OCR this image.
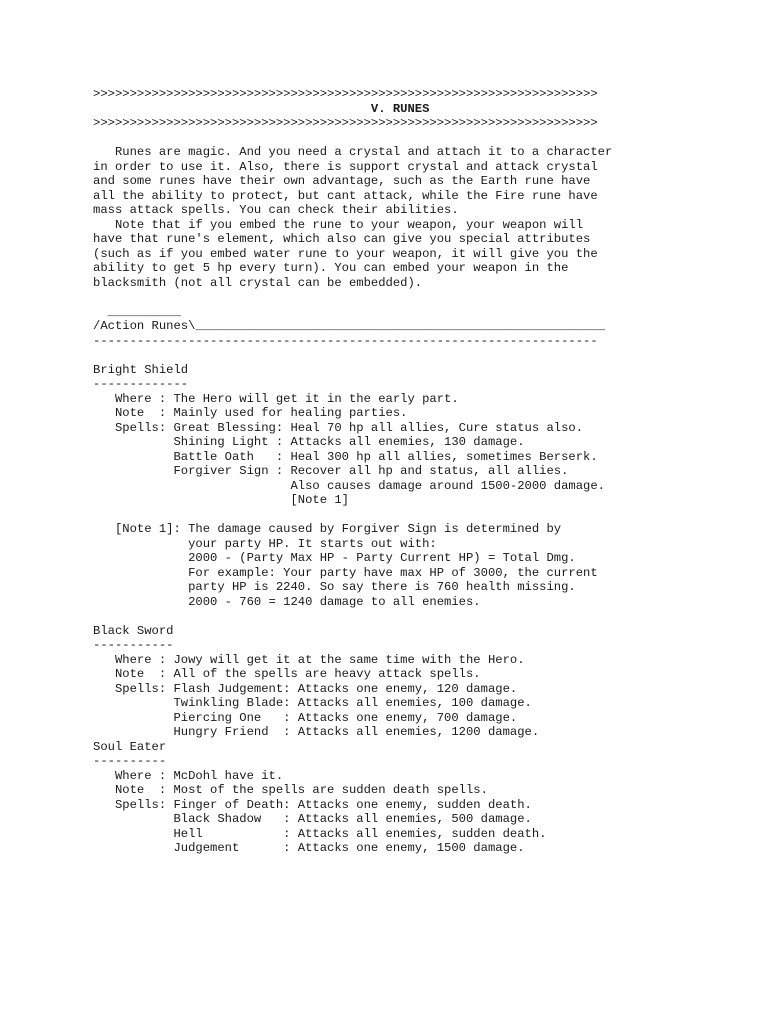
>>>>>>>>>>>>>>>>>>>>>>>>>>>>>>>>>>>>>>>>>>>>>>>>>>>>>>>>>>>>>>>>>>>>>
V. RUNES
>>>>>>>>>>>>>>>>>>>>>>>>>>>>>>>>>>>>>>>>>>>>>>>>>>>>>>>>>>>>>>>>>>>>>

Runes are magic. And you need a crystal and attach it to a character
in order to use it. Also, there is support crystal and attack crystal
and some runes have their own advantage, such as the Earth rune have
all the ability to protect, but cant attack, while the Fire rune have
mass attack spells. You can check their abilities.
Note that if you embed the rune to your weapon, your weapon will
have that rune's element, which also can give you special attributes
(such as if you embed water rune to your weapon, it will give you the
ability to get 5 hp every turn). You can embed your weapon in the
blacksmith (not all crystal can be embedded).

__________
/Action Runes\________________________________________________________
---------------------------------------------------------------------

Bright Shield
-------------
Where : The Hero will get it in the early part.
Note  : Mainly used for healing parties.
Spells: Great Blessing: Heal 70 hp all allies, Cure status also.
Shining Light : Attacks all enemies, 130 damage.
Battle Oath   : Heal 300 hp all allies, sometimes Berserk.
Forgiver Sign : Recover all hp and status, all allies.
Also causes damage around 1500-2000 damage.
[Note 1]

[Note 1]: The damage caused by Forgiver Sign is determined by
your party HP. It starts out with:
2000 - (Party Max HP - Party Current HP) = Total Dmg.
For example: Your party have max HP of 3000, the current
party HP is 2240. So say there is 760 health missing.
2000 - 760 = 1240 damage to all enemies.

Black Sword
-----------
Where : Jowy will get it at the same time with the Hero.
Note  : All of the spells are heavy attack spells.
Spells: Flash Judgement: Attacks one enemy, 120 damage.
Twinkling Blade: Attacks all enemies, 100 damage.
Piercing One   : Attacks one enemy, 700 damage.
Hungry Friend  : Attacks all enemies, 1200 damage.
Soul Eater
----------
Where : McDohl have it.
Note  : Most of the spells are sudden death spells.
Spells: Finger of Death: Attacks one enemy, sudden death.
Black Shadow   : Attacks all enemies, 500 damage.
Hell           : Attacks all enemies, sudden death.
Judgement      : Attacks one enemy, 1500 damage.
